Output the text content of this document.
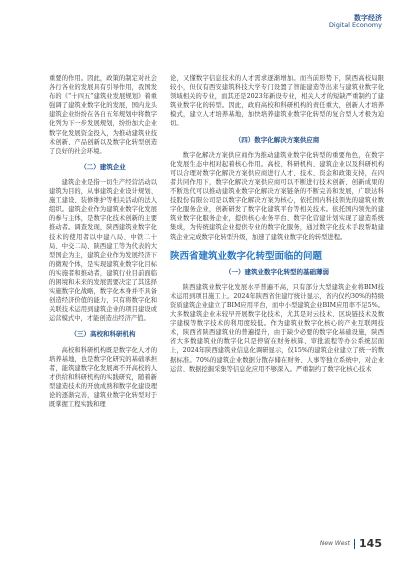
数字经济
Digital Economy

重要的作用。因此，政策的制定对社会各行各业的发展具有引导作用，我国发布的《“十四五”建筑业发展规划》着重强调了建筑业数字化的发展，国内龙头建筑企业纷纷在各自五年规划中将数字化列为下一步发展规划，纷纷加大企业数字化发展资金投入，为推动建筑业技术创新、产品创新以及数字化转型创造了良好的社会环境。

（二）建筑企业

建筑企业是指一切生产经营活动以建筑为目的，从事建筑企业设计规划、施工建设、装修维护等相关活动的法人组织。建筑企业作为建筑业数字化发展的参与主体，是数字化技术创新的主要推动者。调查发现，陕西建筑业数字化技术的使用者以中建八局、中铁二十局、中交二局、陕西建工等为代表的大型国企为主，建筑企业作为发展经济下的微观个体，是实现建筑业数字化目标的实施者和推动者，建筑行业目前面临的困境和未来的发展需要决定了其选择实施数字化战略，数字化本身并不具备创造经济价值的能力，只有将数字化和关联技术运用到建筑企业的项目建设或运营模式中，才能创造出经济产值。

（三）高校和科研机构

高校和科研机构既是数字化人才的培养基地，也是数字化研究的基础承担者，能筑建数字化发展离不开高校的人才供给和科研机构的实践研究，随着新型建造技术的开放成熟和数字化建设理论的逐渐完善，建筑业数字化转型对于既掌握工程实践和理

论，又懂数字信息技术的人才需求逐渐增加。而当前形势下，陕西高校局限较小，但仅有西安建筑科技大学专门设置了智能建造等出来与建筑业数字化领域相关的专业，而其还是2023年新设专业，相关人才的短缺严重制约了建筑业数字化的转型。因此，政府高校和科研机构的责任重大，创新人才培养模式，建立人才培养基地，加快培养建筑业数字化转型的复合型人才极为迫切。

（四）数字化解决方案供应商

数字化解决方案供应商作为推动建筑业数字化转型的重要角色，在数字化发展生态中相对起着核心作用。高校、科研机构、建筑企业以及科研机构可以合理对数字化解决方案供应商进行人才、技术、资金和政策支持，在四者共同作用下，数字化解决方案供应商可以不断进行技术创新、创新成果的不断迭代可以推动建筑业数字化解决方案链条的不断完善和发展，广联达科技股份有限公司是以数字化解决方案为核心，依托国内科技领先的建筑业数字化服务企业，创新研发了数字化建筑平台等相关技术。依托国内领先的建筑业数字化服务企业，提供核心业务平台、数字化营建计划实现了建造系统集成，为传统建筑企业提供专业的数字化服务，通过数字化技术手段帮助建筑企业完成数字化转型升级，加速了建筑业数字化的转型进程。

陕西省建筑业数字化转型面临的问题
（一）建筑业数字化转型的基础薄弱

陕西建筑业数字化发展水平普遍不高，只有部分大型建筑企业将BIM技术运用到项目施工上。2024年陕西省住建厅统计显示，省内仅约30%的特级资质建筑企业建立了BIM应用平台，而中小型建筑企业BIM应用率不足5%。大多数建筑企业未较早开展数字化技术，尤其是对云技术、区块链技术及数字建模等数字技术的利用度较低。作为建筑业数字化核心的产业互联网技术，陕西省陕西建筑业的普遍提升，由于缺少必要的数字化基础设施，陕西省大多数建筑业的数字化只是停留在财务核算、审批流程等办公系统层面上，2024年陕西建筑业信息化调研显示，仅15%的建筑企业建立了统一的数据标准。70%的建筑企业数据分散存储在财务、人事等独立系统中，对企业运营、数据挖掘采集等信息化应用不够深入。严重制约了数字化核心技术

New West 145
